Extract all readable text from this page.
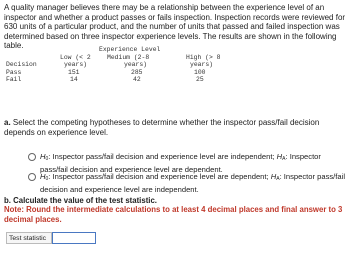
A quality manager believes there may be a relationship between the experience level of an inspector and whether a product passes or fails inspection. Inspection records were reviewed for 630 units of a particular product, and the number of units that passed and failed inspection was determined based on three inspector experience levels. The results are shown in the following table.	Experience Level
Low (< 2	Medium (2-8	High (> 8
Decision	years)	years)	years)
Pass	151	285	100
Fail	14	42	25
a. Select the competing hypotheses to determine whether the inspector pass/fail decision depends on experience level.
$H_0$: Inspector pass/fail decision and experience level are independent; $H_A$: Inspector pass/fail decision and experience level are dependent.
$H_0$: Inspector pass/fail decision and experience level are dependent; $H_A$: Inspector pass/fail decision and experience level are independent.
b. Calculate the value of the test statistic.
Note: Round the intermediate calculations to at least 4 decimal places and final answer to 3 decimal places.
Test statistic
